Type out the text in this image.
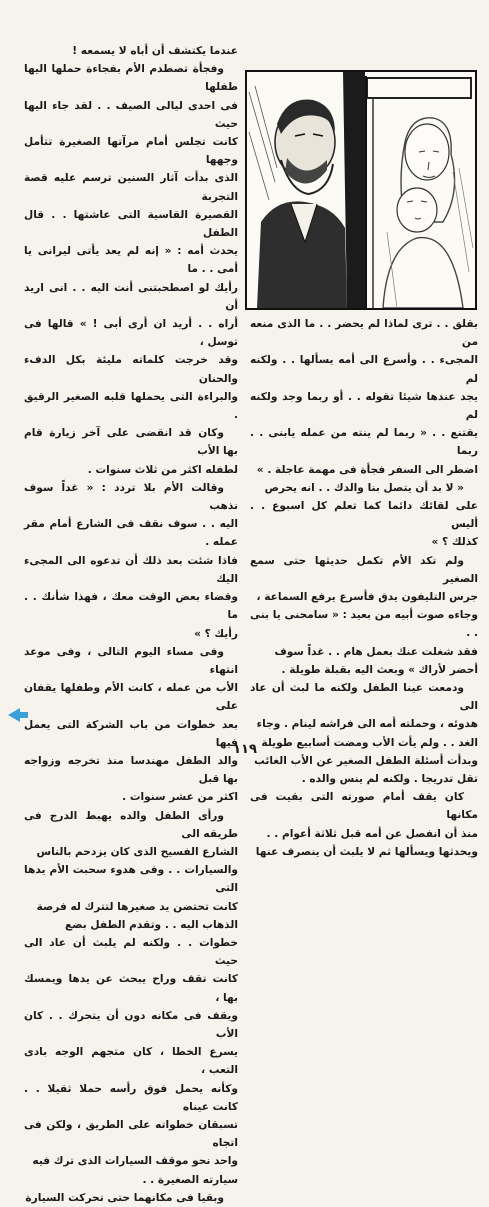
بقلق . . ترى لماذا لم يحضر . . ما الذى منعه من

المجىء . . وأسرع الى أمه يسألها . . ولكنه لم

يجد عندها شيئا تقوله . . أو ربما وجد ولكنه لم

يقتنع . . « ربما لم ينته من عمله يابنى . . ربما

اضطر الى السفر فجأة فى مهمة عاجلة . »

« لا بد أن يتصل بنا والدك . . انه يحرص

على لقائك دائما كما تعلم كل اسبوع . . أليس

كذلك ؟ »

ولم تكد الأم تكمل حديثها حتى سمع الصغير

جرس التليفون يدق فأسرع يرفع السماعة ،

وجاءه صوت أبيه من بعيد : « سامحنى يا بنى . .

فقد شغلت عنك بعمل هام . . غداً سوف

أحضر لأراك » وبعث اليه بقبلة طويلة .

ودمعت عينا الطفل ولكنه ما لبث أن عاد الى

هدوئه ، وحملته أمه الى فراشه لينام . وجاء

الغد . . ولم يأت الأب ومضت أسابيع طويلة

وبدأت أسئلة الطفل الصغير عن الأب الغائب

تقل تدريجا . ولكنه لم ينس والده .

كان يقف أمام صورته التى بقيت فى مكانها

منذ أن انفصل عن أمه قبل ثلاثة أعوام . .

ويحدثها ويسألها ثم لا يلبث أن ينصرف عنها

عندما يكتشف أن أباه لا يسمعه !

وفجأة تصطدم الأم بفجاءة حملها اليها طفلها

فى احدى ليالى الصيف . . لقد جاء اليها حيث

كانت تجلس أمام مرآتها الصغيرة تتأمل وجهها

الذى بدأت آثار السنين ترسم عليه قصة التجربة

القصيرة القاسية التى عاشتها . . قال الطفل

يحدث أمه : « إنه لم يعد يأتى ليرانى يا أمى . . ما

رأيك لو اصطحبتنى أنت اليه . . انى اريد أن

أراه . . أريد ان أرى أبى ! » قالها فى توسل ،

وقد خرجت كلماته مليئة بكل الدفء والحنان

والبراءة التى يحملها قلبه الصغير الرقيق .

وكان قد انقضى على آخر زيارة قام بها الأب

لطفله اكثر من ثلاث سنوات .

وقالت الأم بلا تردد : « غداً سوف نذهب

اليه . . سوف نقف فى الشارع أمام مقر عمله .

فاذا شئت بعد ذلك أن تدعوه الى المجىء اليك

وقضاء بعض الوقت معك ، فهذا شأنك . . ما

رأيك ؟ »

وفى مساء اليوم التالى ، وفى موعد انتهاء

الأب من عمله ، كانت الأم وطفلها يقفان على

بعد خطوات من باب الشركة التى يعمل فيها

والد الطفل مهندسا منذ تخرجه وزواجه بها قبل

اكثر من عشر سنوات .

ورأى الطفل والده يهبط الدرج فى طريقه الى

الشارع الفسيح الذى كان يزدحم بالناس

والسيارات . . وفى هدوء سحبت الأم يدها التى

كانت تحتضن يد صغيرها لتترك له فرصة

الذهاب اليه . . وتقدم الطفل بضع

خطوات . . ولكنه لم يلبث أن عاد الى حيث

كانت تقف وراح يبحث عن يدها ويمسك بها ،

ويقف فى مكانه دون أن يتحرك . . كان الأب

يسرع الخطا ، كان متجهم الوجه بادى التعب ،

وكأنه يحمل فوق رأسه حملا ثقيلا . . كانت عيناه

تسبقان خطواته على الطريق ، ولكن فى اتجاه

واحد نحو موقف السيارات الذى ترك فيه

سيارته الصغيرة . .

وبقيا فى مكانهما حتى تحركت السيارة

١١٩
